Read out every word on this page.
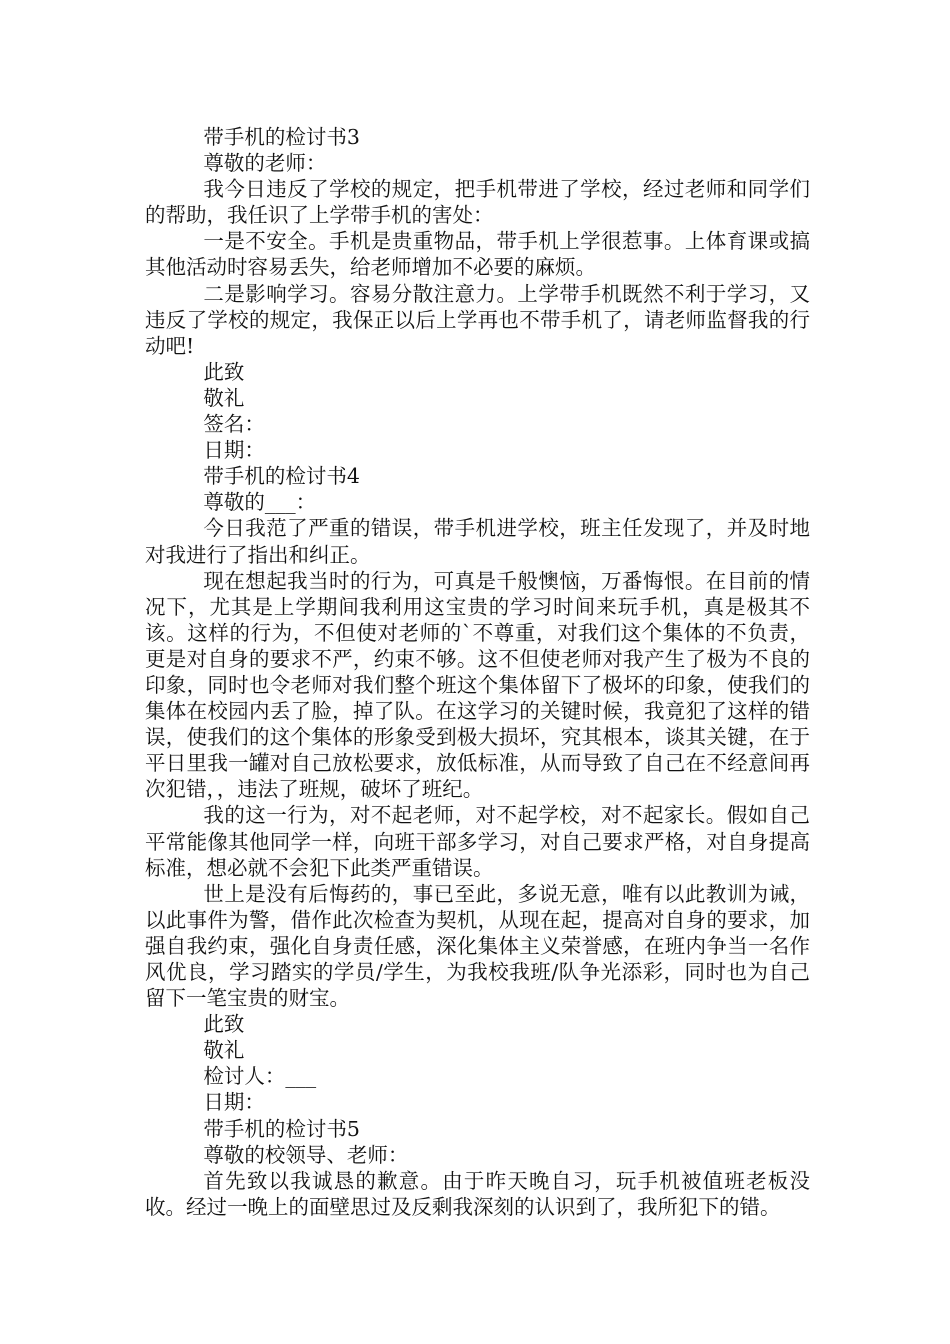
带手机的检讨书3

尊敬的老师：

我今日违反了学校的规定，把手机带进了学校，经过老师和同学们的帮助，我任识了上学带手机的害处：

一是不安全。手机是贵重物品，带手机上学很惹事。上体育课或搞其他活动时容易丢失，给老师增加不必要的麻烦。

二是影响学习。容易分散注意力。上学带手机既然不利于学习，又违反了学校的规定，我保正以后上学再也不带手机了，请老师监督我的行动吧!

此致

敬礼

签名：

日期：

带手机的检讨书4

尊敬的___：

今日我范了严重的错误，带手机进学校，班主任发现了，并及时地对我进行了指出和纠正。

现在想起我当时的行为，可真是千般懊恼，万番悔恨。在目前的情况下，尤其是上学期间我利用这宝贵的学习时间来玩手机，真是极其不该。这样的行为，不但使对老师的`不尊重，对我们这个集体的不负责，更是对自身的要求不严，约束不够。这不但使老师对我产生了极为不良的印象，同时也令老师对我们整个班这个集体留下了极坏的印象，使我们的集体在校园内丢了脸，掉了队。在这学习的关键时候，我竟犯了这样的错误，使我们的这个集体的形象受到极大损坏，究其根本，谈其关键，在于平日里我一罐对自己放松要求，放低标准，从而导致了自己在不经意间再次犯错，，违法了班规，破坏了班纪。

我的这一行为，对不起老师，对不起学校，对不起家长。假如自己平常能像其他同学一样，向班干部多学习，对自己要求严格，对自身提高标准，想必就不会犯下此类严重错误。

世上是没有后悔药的，事已至此，多说无意，唯有以此教训为诫，以此事件为警，借作此次检查为契机，从现在起，提高对自身的要求，加强自我约束，强化自身责任感，深化集体主义荣誉感，在班内争当一名作风优良，学习踏实的学员/学生，为我校我班/队争光添彩，同时也为自己留下一笔宝贵的财宝。

此致

敬礼

检讨人：___

日期：

带手机的检讨书5

尊敬的校领导、老师：

首先致以我诚恳的歉意。由于昨天晚自习，玩手机被值班老板没收。经过一晚上的面壁思过及反剩我深刻的认识到了，我所犯下的错。
